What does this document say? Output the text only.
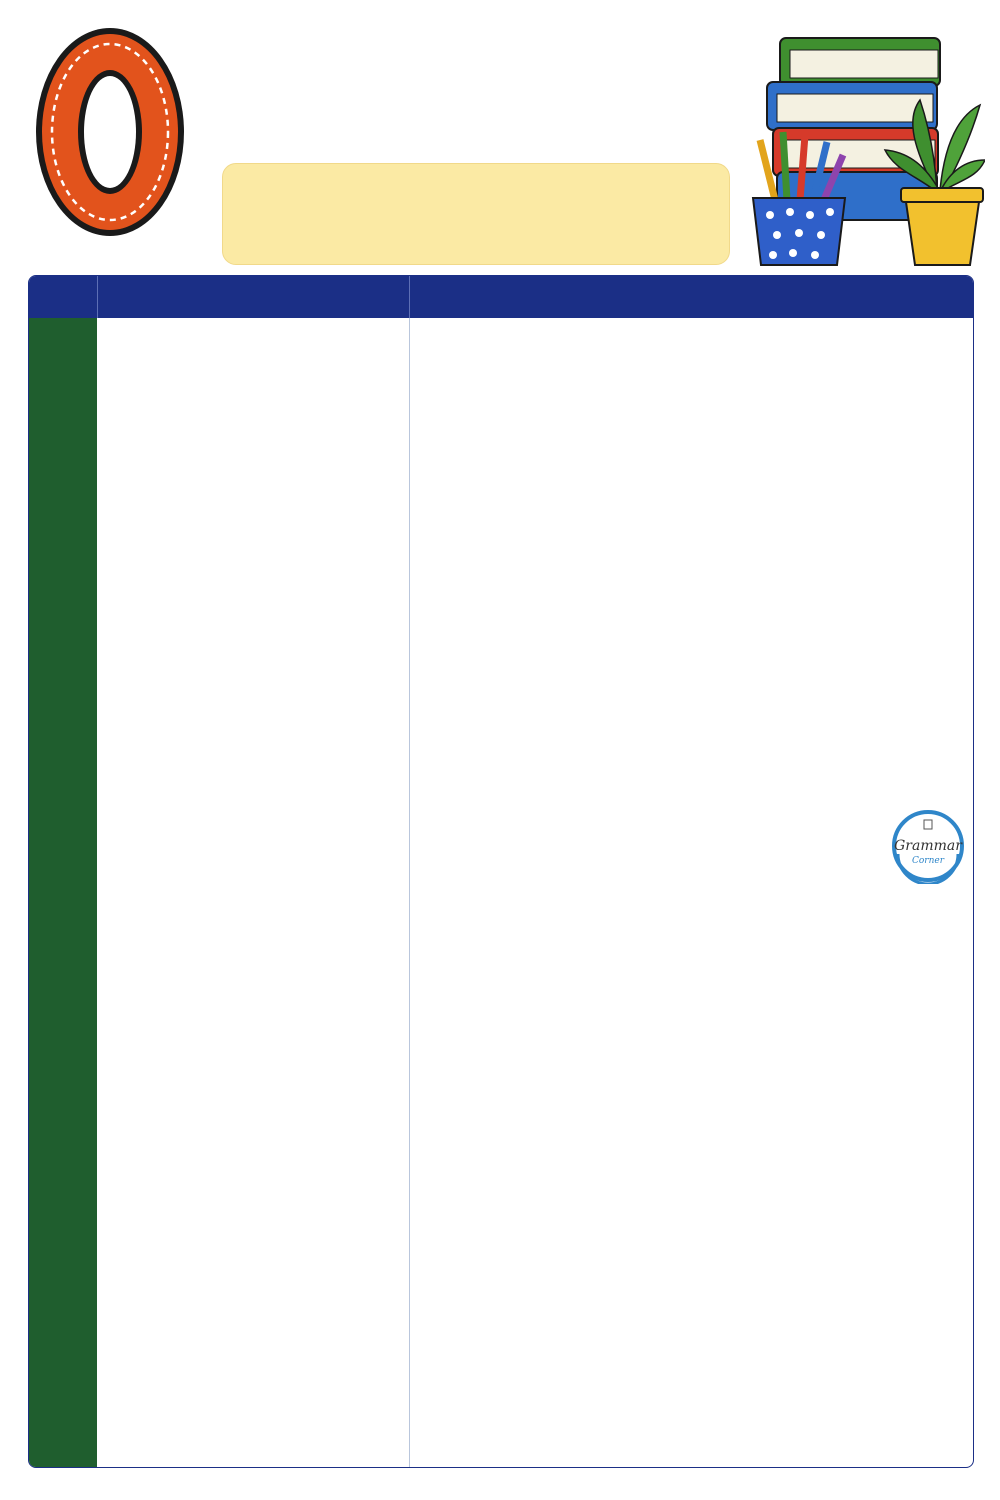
Grammar
Corner
